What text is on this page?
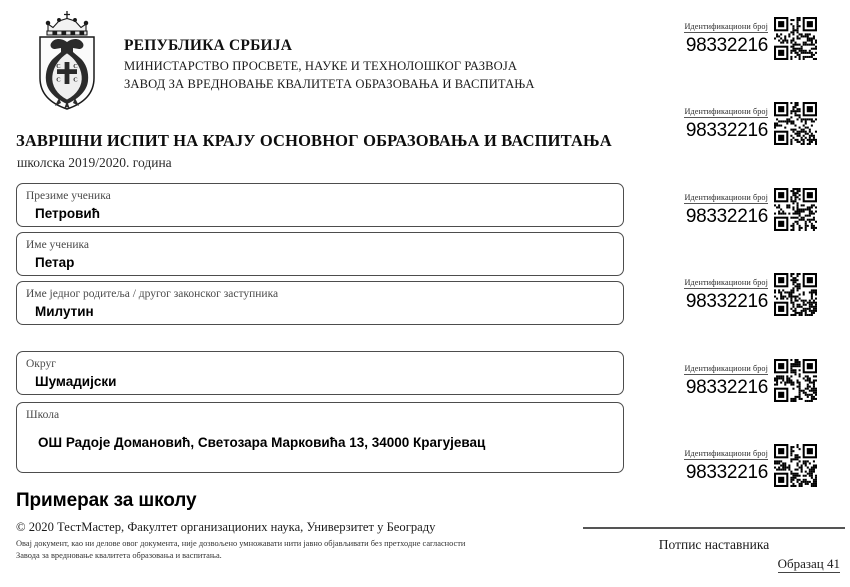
C C
C C
РЕПУБЛИКА СРБИЈА
МИНИСТАРСТВО ПРОСВЕТЕ, НАУКЕ И ТЕХНОЛОШКОГ РАЗВОЈА
ЗАВОД ЗА ВРЕДНОВАЊЕ КВАЛИТЕТА ОБРАЗОВАЊА И ВАСПИТАЊА
ЗАВРШНИ ИСПИТ НА КРАЈУ ОСНОВНОГ ОБРАЗОВАЊА И ВАСПИТАЊА
школска 2019/2020. година
Презиме ученика
Петровић
Име ученика
Петар
Име једног родитеља / другог законског заступника
Милутин
Округ
Шумадијски
Школа
ОШ Радоје Домановић, Светозара Марковића 13, 34000 Крагујевац
Примерак за школу
© 2020 ТестМастер, Факултет организационих наука, Универзитет у Београду
Овај документ, као ни делове овог документа, није дозвољено умножавати нити јавно објављивати без претходне сагласности Завода за вредновање квалитета образовања и васпитања.
Идентификациони број
98332216
Идентификациони број
98332216
Идентификациони број
98332216
Идентификациони број
98332216
Идентификациони број
98332216
Идентификациони број
98332216
Потпис наставника
Образац 41
